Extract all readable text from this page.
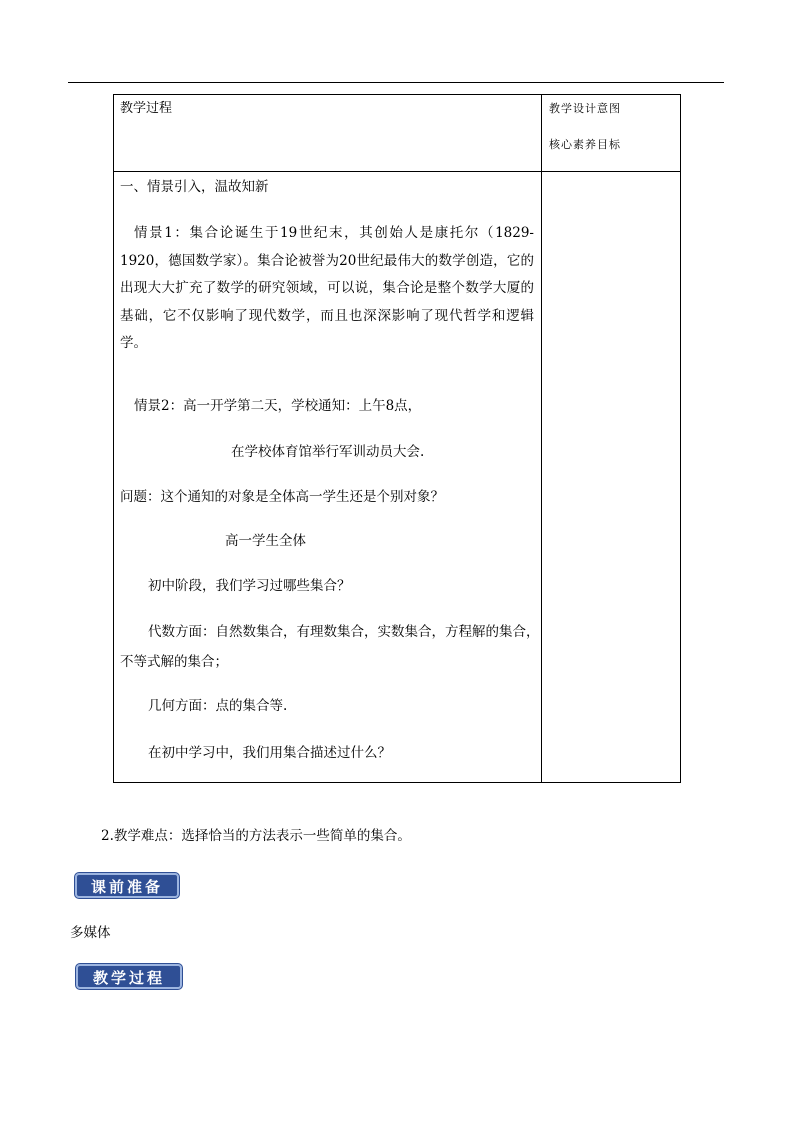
教学过程	教学设计意图
核心素养目标
一、情景引入，温故知新
情景1：集合论诞生于19世纪末，其创始人是康托尔（1829-1920，德国数学家）。集合论被誉为20世纪最伟大的数学创造，它的出现大大扩充了数学的研究领域，可以说，集合论是整个数学大厦的基础，它不仅影响了现代数学，而且也深深影响了现代哲学和逻辑学。
情景2：高一开学第二天，学校通知：上午8点，
在学校体育馆举行军训动员大会.
问题：这个通知的对象是全体高一学生还是个别对象？
高一学生全体
初中阶段，我们学习过哪些集合？
代数方面：自然数集合，有理数集合，实数集合，方程解的集合，
不等式解的集合；
几何方面：点的集合等.
在初中学习中，我们用集合描述过什么？
2.教学难点：选择恰当的方法表示一些简单的集合。
课前准备
多媒体
教学过程
